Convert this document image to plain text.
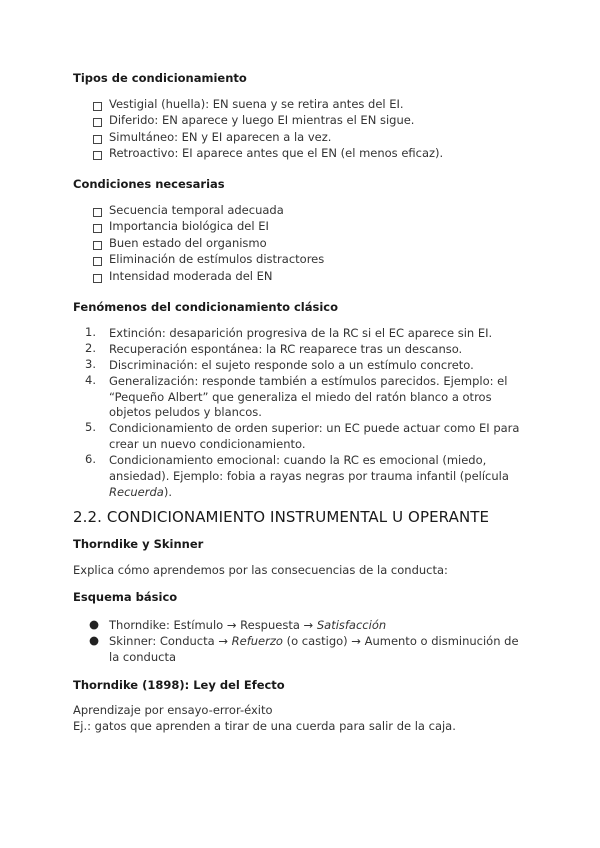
Tipos de condicionamiento
Vestigial (huella): EN suena y se retira antes del EI.
Diferido: EN aparece y luego EI mientras el EN sigue.
Simultáneo: EN y EI aparecen a la vez.
Retroactivo: EI aparece antes que el EN (el menos eficaz).
Condiciones necesarias
Secuencia temporal adecuada
Importancia biológica del EI
Buen estado del organismo
Eliminación de estímulos distractores
Intensidad moderada del EN
Fenómenos del condicionamiento clásico
1. Extinción: desaparición progresiva de la RC si el EC aparece sin EI.
2. Recuperación espontánea: la RC reaparece tras un descanso.
3. Discriminación: el sujeto responde solo a un estímulo concreto.
4. Generalización: responde también a estímulos parecidos. Ejemplo: el
“Pequeño Albert” que generaliza el miedo del ratón blanco a otros
objetos peludos y blancos.
5. Condicionamiento de orden superior: un EC puede actuar como EI para
crear un nuevo condicionamiento.
6. Condicionamiento emocional: cuando la RC es emocional (miedo,
ansiedad). Ejemplo: fobia a rayas negras por trauma infantil (película
Recuerda).
2.2. CONDICIONAMIENTO INSTRUMENTAL U OPERANTE
Thorndike y Skinner
Explica cómo aprendemos por las consecuencias de la conducta:
Esquema básico
● Thorndike: Estímulo → Respuesta → Satisfacción
● Skinner: Conducta → Refuerzo (o castigo) → Aumento o disminución de
la conducta
Thorndike (1898): Ley del Efecto
Aprendizaje por ensayo-error-éxito
Ej.: gatos que aprenden a tirar de una cuerda para salir de la caja.
